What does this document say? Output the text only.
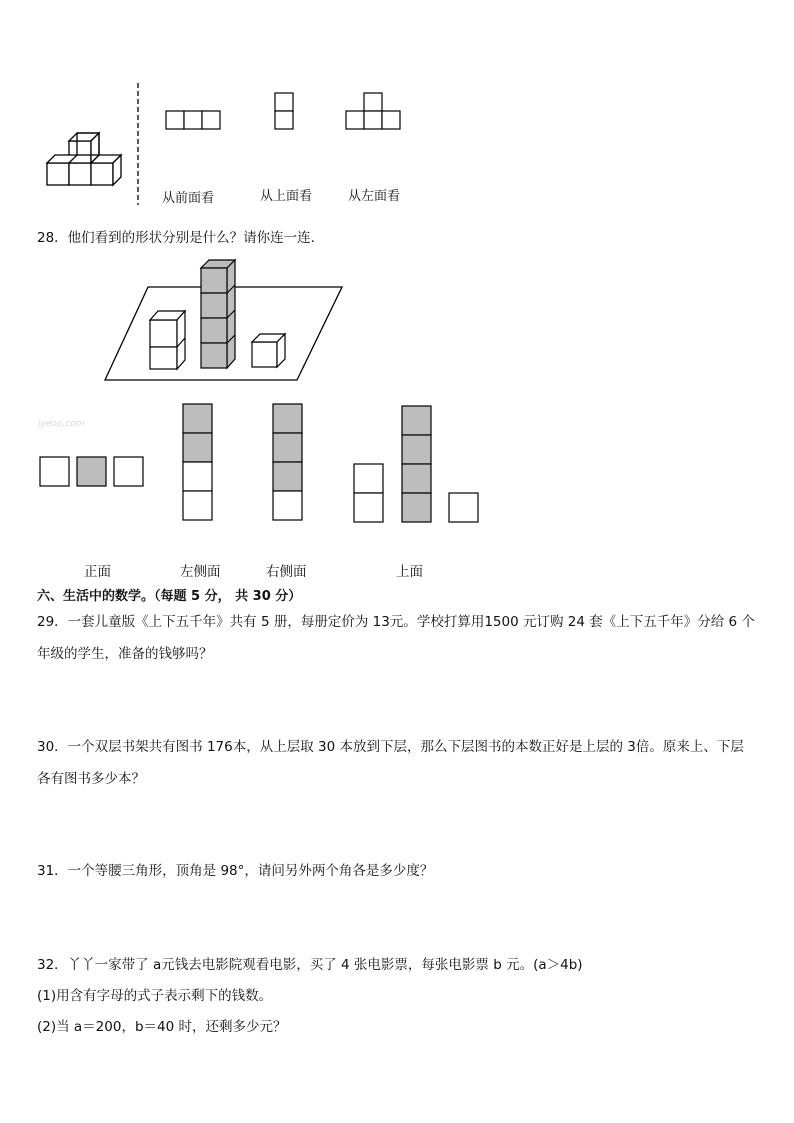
从前面看	从上面看	从左面看
28．他们看到的形状分别是什么？请你连一连．
jyeoo.com
正面	左侧面	右侧面	上面
六、生活中的数学。（每题 5 分， 共 30 分）
29．一套儿童版《上下五千年》共有 5 册，每册定价为 13元。学校打算用1500 元订购 24 套《上下五千年》分给 6 个
年级的学生，准备的钱够吗？
30．一个双层书架共有图书 176本，从上层取 30 本放到下层，那么下层图书的本数正好是上层的 3倍。原来上、下层
各有图书多少本？
31．一个等腰三角形，顶角是 98°，请问另外两个角各是多少度？
32．丫丫一家带了 a元钱去电影院观看电影，买了 4 张电影票，每张电影票 b 元。(a＞4b)
(1)用含有字母的式子表示剩下的钱数。
(2)当 a＝200，b＝40 时，还剩多少元？
